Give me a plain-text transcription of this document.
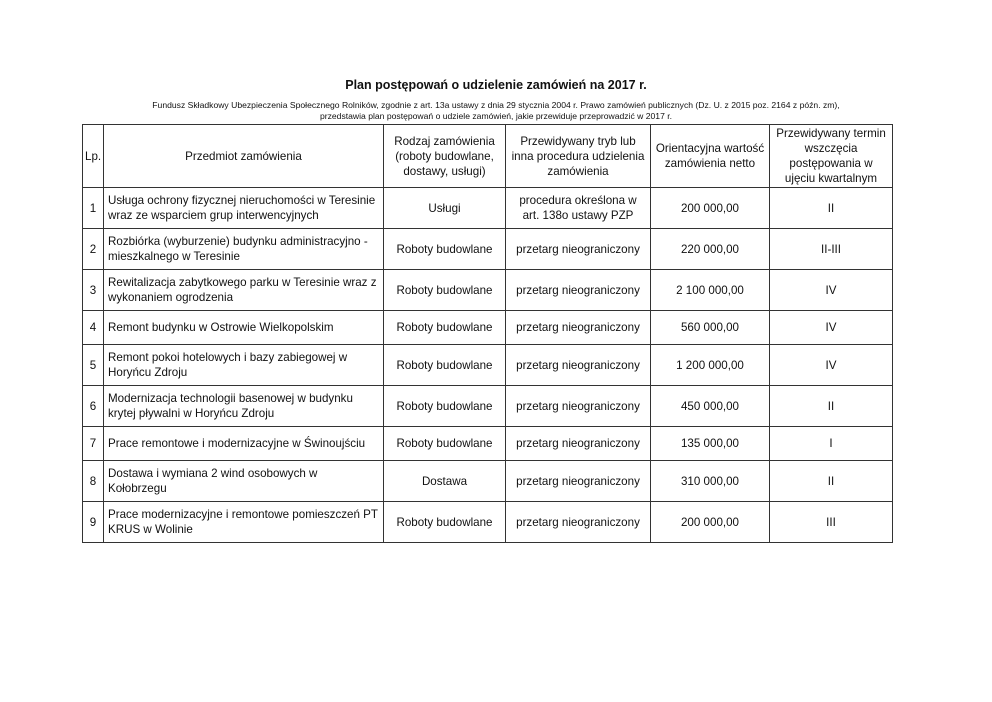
Plan postępowań o udzielenie zamówień na 2017 r.
Fundusz Składkowy Ubezpieczenia Społecznego Rolników, zgodnie z art. 13a ustawy z dnia 29 stycznia 2004 r. Prawo zamówień publicznych (Dz. U. z 2015 poz. 2164 z późn. zm),
przedstawia plan postępowań o udziele zamówień, jakie przewiduje przeprowadzić w 2017 r.
Lp.	Przedmiot zamówienia	Rodzaj zamówienia (roboty budowlane, dostawy, usługi)	Przewidywany tryb lub inna procedura udzielenia zamówienia	Orientacyjna wartość zamówienia netto	Przewidywany termin wszczęcia postępowania w ujęciu kwartalnym
1	Usługa ochrony fizycznej nieruchomości w Teresinie wraz ze wsparciem grup interwencyjnych	Usługi	procedura określona w art. 138o ustawy PZP	200 000,00	II
2	Rozbiórka (wyburzenie) budynku administracyjno - mieszkalnego w Teresinie	Roboty budowlane	przetarg nieograniczony	220 000,00	II-III
3	Rewitalizacja zabytkowego parku w Teresinie wraz z wykonaniem ogrodzenia	Roboty budowlane	przetarg nieograniczony	2 100 000,00	IV
4	Remont budynku w Ostrowie Wielkopolskim	Roboty budowlane	przetarg nieograniczony	560 000,00	IV
5	Remont pokoi hotelowych i bazy zabiegowej w Horyńcu Zdroju	Roboty budowlane	przetarg nieograniczony	1 200 000,00	IV
6	Modernizacja technologii basenowej w budynku krytej pływalni w Horyńcu Zdroju	Roboty budowlane	przetarg nieograniczony	450 000,00	II
7	Prace remontowe i modernizacyjne w Świnoujściu	Roboty budowlane	przetarg nieograniczony	135 000,00	I
8	Dostawa i wymiana 2 wind osobowych w Kołobrzegu	Dostawa	przetarg nieograniczony	310 000,00	II
9	Prace modernizacyjne i remontowe pomieszczeń PT KRUS w Wolinie	Roboty budowlane	przetarg nieograniczony	200 000,00	III
